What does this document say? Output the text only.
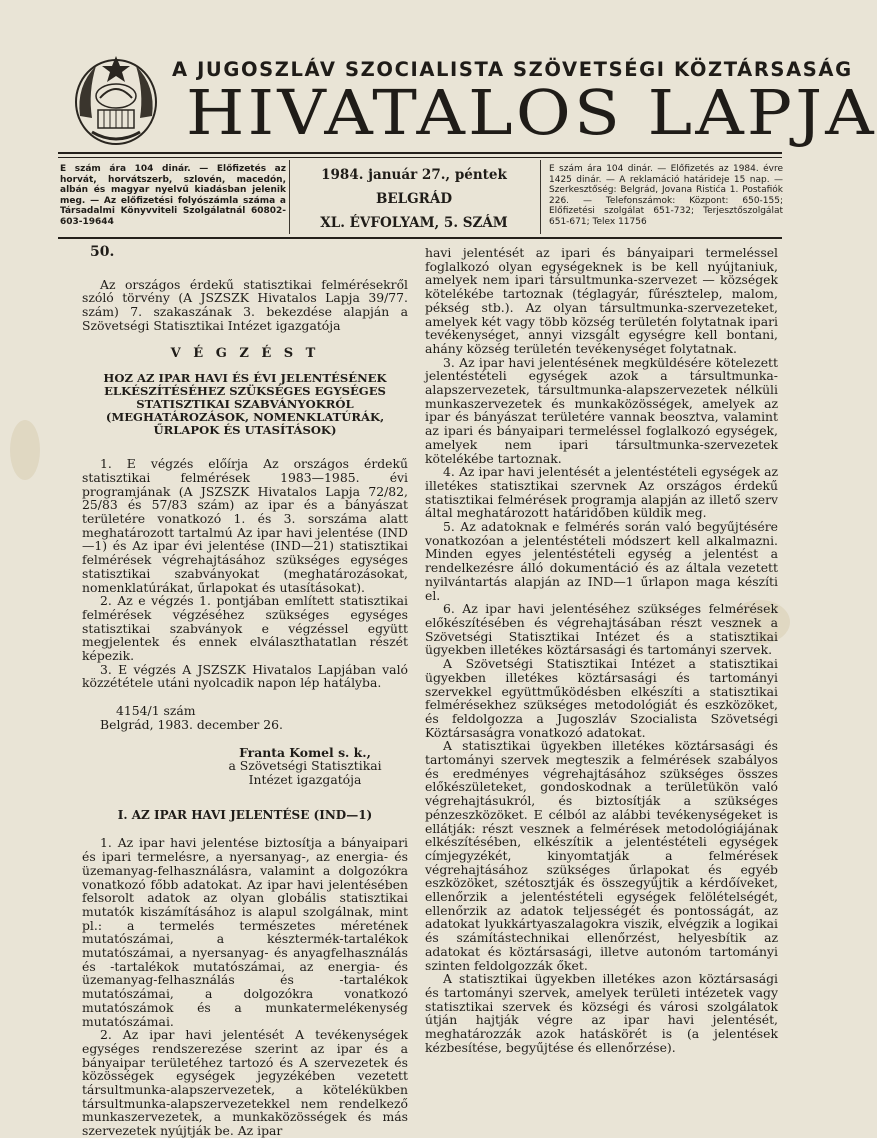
A JUGOSZLÁV SZOCIALISTA SZÖVETSÉGI KÖZTÁRSASÁG
HIVATALOS LAPJA
E szám ára 104 dinár. — Előfizetés az horvát, horvátszerb, szlovén, macedón, albán és magyar nyelvű kiadásban jelenik meg. — Az előfizetési folyószámla száma a Társadalmi Könyvviteli Szolgálatnál 60802-603-19644
1984. január 27., péntek
BELGRÁD
XL. ÉVFOLYAM, 5. SZÁM
E szám ára 104 dinár. — Előfizetés az 1984. évre 1425 dinár. — A reklamáció határideje 15 nap. — Szerkesztőség: Belgrád, Jovana Ristića 1. Postafiók 226. — Telefonszámok: Központ: 650-155; Előfizetési szolgálat 651-732; Terjesztőszolgálat 651-671; Telex 11756

50.

Az országos érdekű statisztikai felmérésekről szóló törvény (A JSZSZK Hivatalos Lapja 39/77. szám) 7. szakaszának 3. bekezdése alapján a Szövetségi Statisztikai Intézet igazgatója

V É G Z É S T

HOZ AZ IPAR HAVI ÉS ÉVI JELENTÉSÉNEK ELKÉSZÍTÉSÉHEZ SZÜKSÉGES EGYSÉGES STATISZTIKAI SZABVÁNYOKRÓL (MEGHATÁROZÁSOK, NOMENKLATÚRÁK, ŰRLAPOK ÉS UTASÍTÁSOK)

1. E végzés előírja Az országos érdekű statisztikai felmérések 1983—1985. évi programjának (A JSZSZK Hivatalos Lapja 72/82, 25/83 és 57/83 szám) az ipar és a bányászat területére vonatkozó 1. és 3. sorszáma alatt meghatározott tartalmú Az ipar havi jelentése (IND—1) és Az ipar évi jelentése (IND—21) statisztikai felmérések végrehajtásához szükséges egységes statisztikai szabványokat (meghatározásokat, nomenklatúrákat, űrlapokat és utasításokat).

2. Az e végzés 1. pontjában említett statisztikai felmérések végzéséhez szükséges egységes statisztikai szabványok e végzéssel együtt megjelentek és ennek elválaszthatatlan részét képezik.

3. E végzés A JSZSZK Hivatalos Lapjában való közzététele utáni nyolcadik napon lép hatályba.

4154/1 szám

Belgrád, 1983. december 26.

Franta Komel s. k.,

a Szövetségi Statisztikai

Intézet igazgatója

I. AZ IPAR HAVI JELENTÉSE (IND—1)

1. Az ipar havi jelentése biztosítja a bányaipari és ipari termelésre, a nyersanyag-, az energia- és üzemanyag-felhasználásra, valamint a dolgozókra vonatkozó főbb adatokat. Az ipar havi jelentésében felsorolt adatok az olyan globális statisztikai mutatók kiszámításához is alapul szolgálnak, mint pl.: a termelés természetes méretének mutatószámai, a késztermék-tartalékok mutatószámai, a nyersanyag- és anyagfelhasználás és -tartalékok mutatószámai, az energia- és üzemanyag-felhasználás és -tartalékok mutatószámai, a dolgozókra vonatkozó mutatószámok és a munkatermelékenység mutatószámai.

2. Az ipar havi jelentését A tevékenységek egységes rendszerezése szerint az ipar és a bányaipar területéhez tartozó és A szervezetek és közösségek egységek jegyzékében vezetett társultmunka-alapszervezetek, a kötelékükben társultmunka-alapszervezetekkel nem rendelkező munkaszervezetek, a munkaközösségek és más szervezetek nyújtják be. Az ipar

havi jelentését az ipari és bányaipari termeléssel foglalkozó olyan egységeknek is be kell nyújtaniuk, amelyek nem ipari társultmunka-szervezet — községek kötelékébe tartoznak (téglagyár, fűrésztelep, malom, pékség stb.). Az olyan társultmunka-szervezeteket, amelyek két vagy több község területén folytatnak ipari tevékenységet, annyi vizsgált egységre kell bontani, ahány község területén tevékenységet folytatnak.

3. Az ipar havi jelentésének megküldésére kötelezett jelentéstételi egységek azok a társultmunka-alapszervezetek, társultmunka-alapszervezetek nélküli munkaszervezetek és munkaközösségek, amelyek az ipar és bányászat területére vannak beosztva, valamint az ipari és bányaipari termeléssel foglalkozó egységek, amelyek nem ipari társultmunka-szervezetek kötelékébe tartoznak.

4. Az ipar havi jelentését a jelentéstételi egységek az illetékes statisztikai szervnek Az országos érdekű statisztikai felmérések programja alapján az illető szerv által meghatározott határidőben küldik meg.

5. Az adatoknak e felmérés során való begyűjtésére vonatkozóan a jelentéstételi módszert kell alkalmazni. Minden egyes jelentéstételi egység a jelentést a rendelkezésre álló dokumentáció és az általa vezetett nyilvántartás alapján az IND—1 űrlapon maga készíti el.

6. Az ipar havi jelentéséhez szükséges felmérések előkészítésében és végrehajtásában részt vesznek a Szövetségi Statisztikai Intézet és a statisztikai ügyekben illetékes köztársasági és tartományi szervek.

A Szövetségi Statisztikai Intézet a statisztikai ügyekben illetékes köztársasági és tartományi szervekkel együttműködésben elkészíti a statisztikai felmérésekhez szükséges metodológiát és eszközöket, és feldolgozza a Jugoszláv Szocialista Szövetségi Köztársaságra vonatkozó adatokat.

A statisztikai ügyekben illetékes köztársasági és tartományi szervek megteszik a felmérések szabályos és eredményes végrehajtásához szükséges összes előkészületeket, gondoskodnak a területükön való végrehajtásukról, és biztosítják a szükséges pénzeszközöket. E célból az alábbi tevékenységeket is ellátják: részt vesznek a felmérések metodológiájának elkészítésében, elkészítik a jelentéstételi egységek címjegyzékét, kinyomtatják a felmérések végrehajtásához szükséges űrlapokat és egyéb eszközöket, szétosztják és összegyűjtik a kérdőíveket, ellenőrzik a jelentéstételi egységek felölételségét, ellenőrzik az adatok teljességét és pontosságát, az adatokat lyukkártyaszalagokra viszik, elvégzik a logikai és számítástechnikai ellenőrzést, helyesbítik az adatokat és köztársasági, illetve autonóm tartományi szinten feldolgozzák őket.

A statisztikai ügyekben illetékes azon köztársasági és tartományi szervek, amelyek területi intézetek vagy statisztikai szervek és községi és városi szolgálatok útján hajtják végre az ipar havi jelentését, meghatározzák azok hatáskörét is (a jelentések kézbesítése, begyűjtése és ellenőrzése).
